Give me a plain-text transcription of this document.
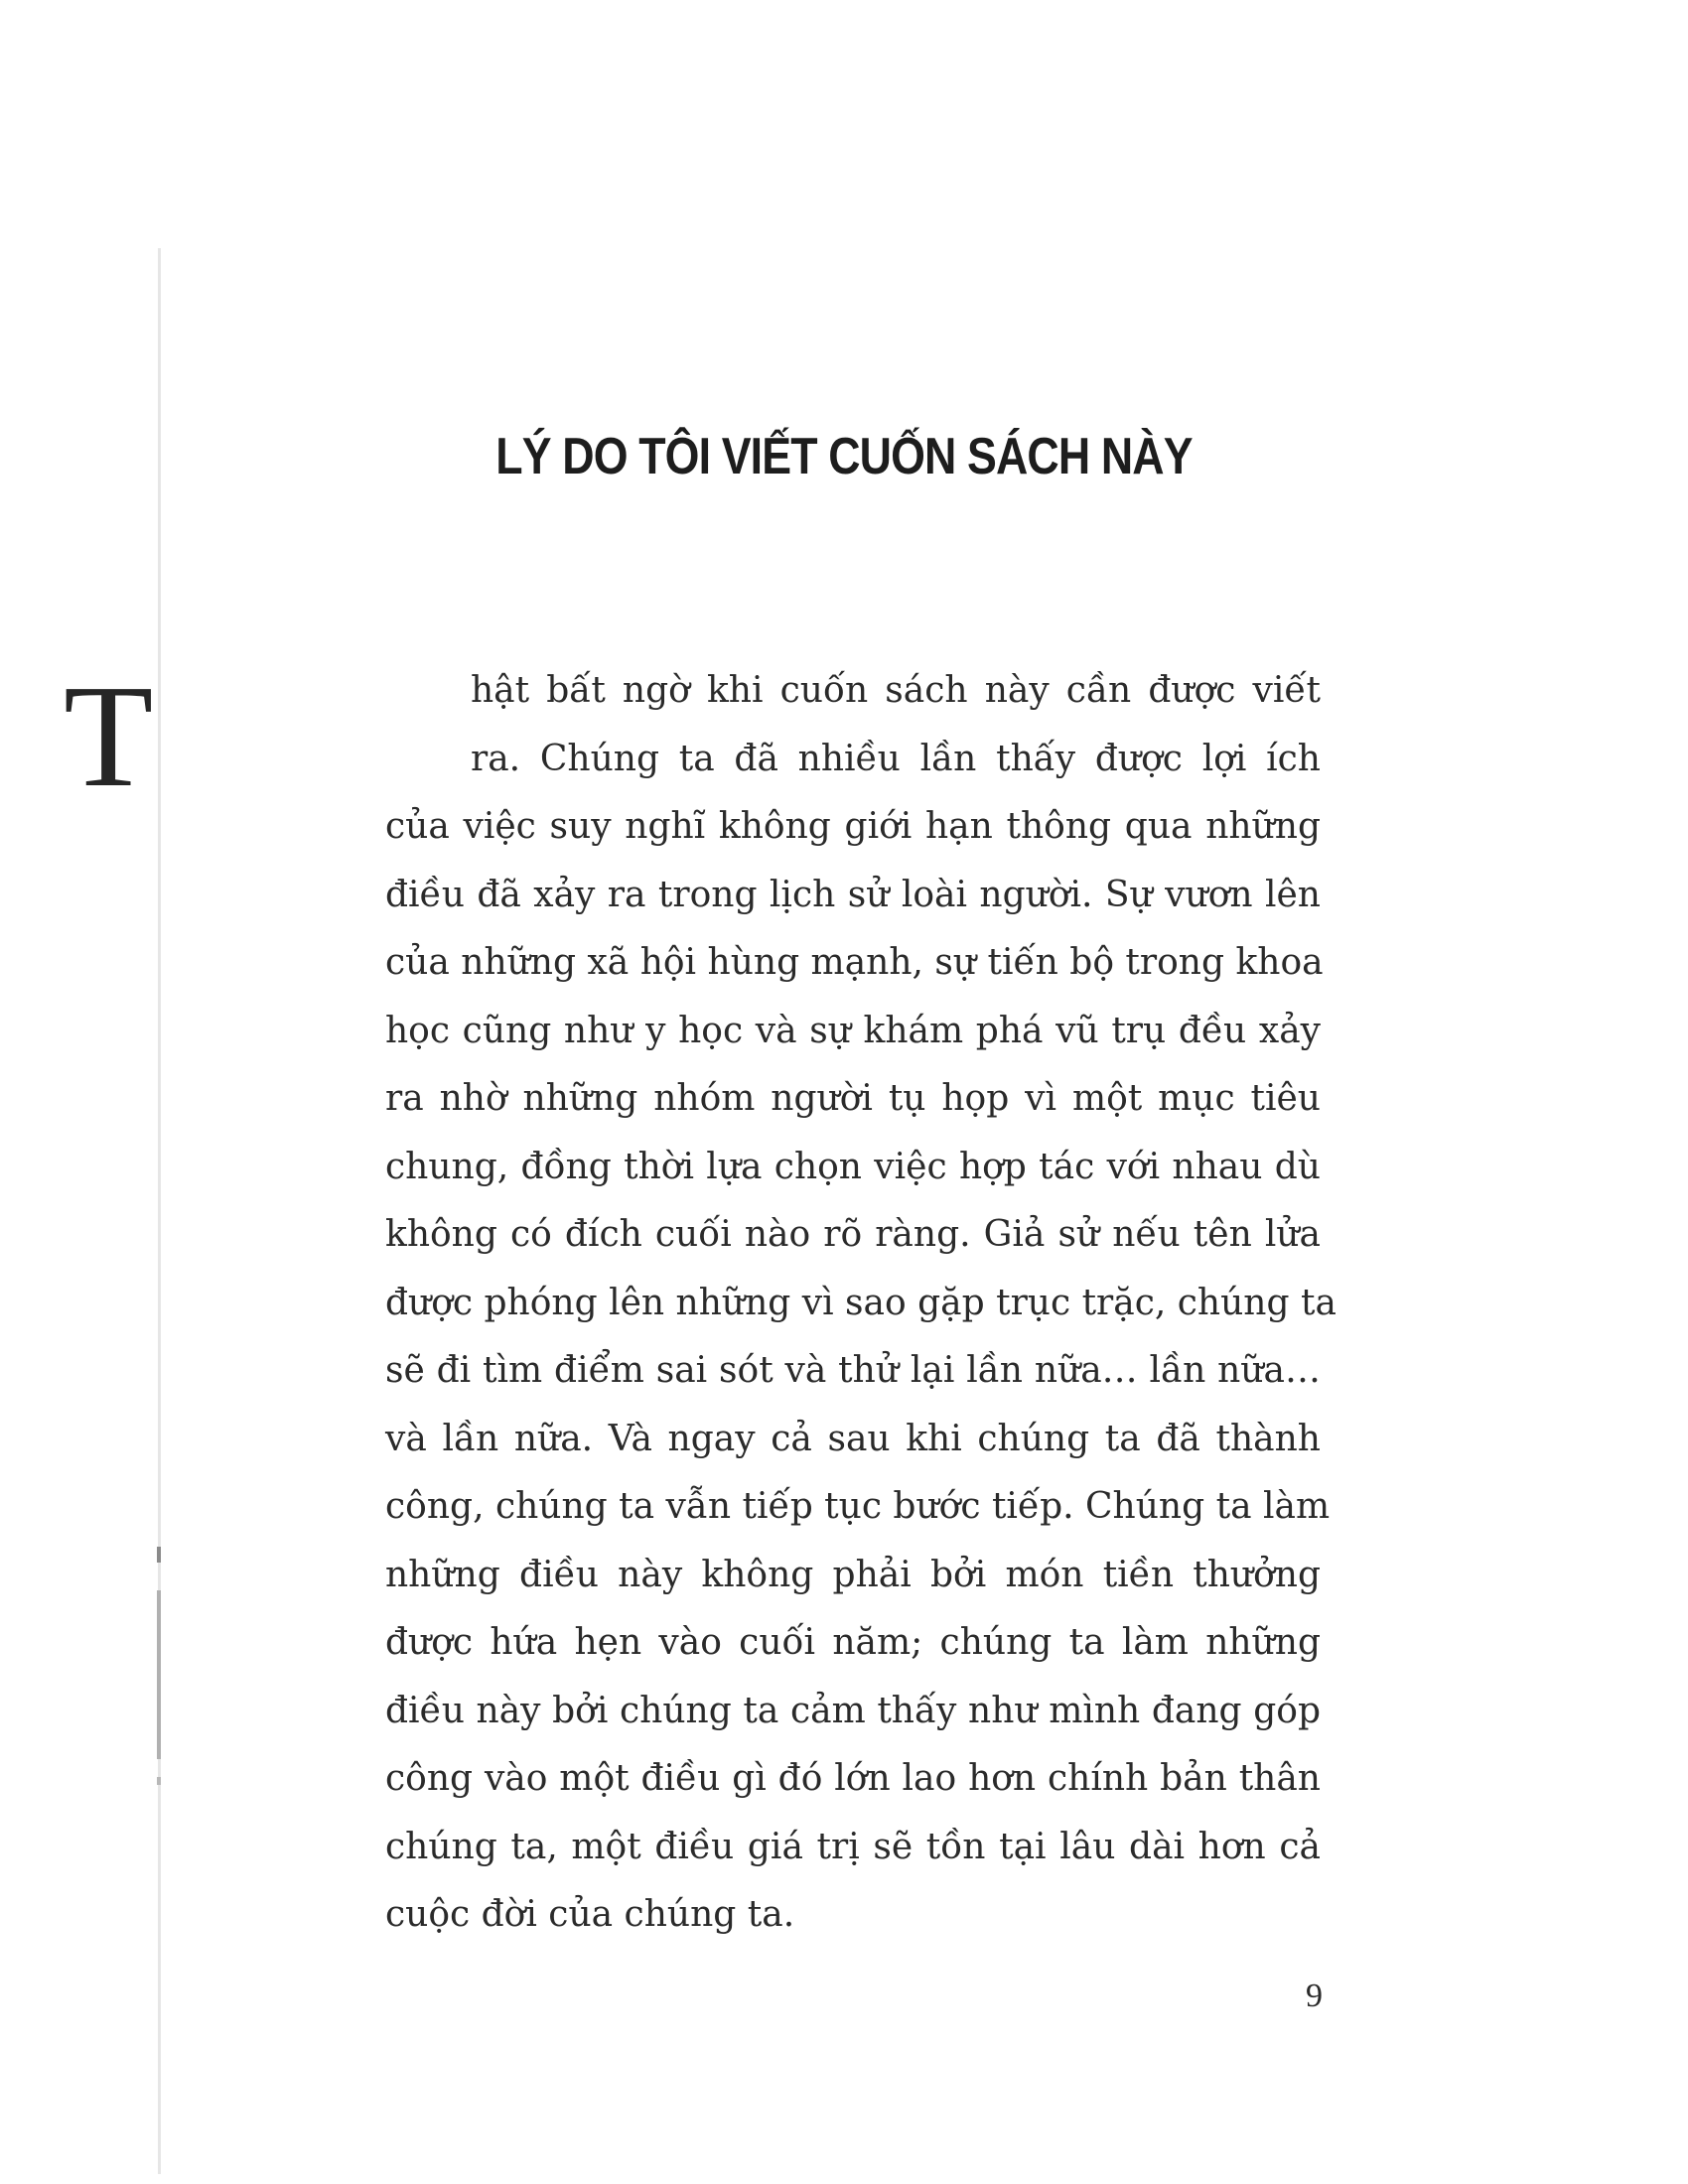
LÝ DO TÔI VIẾT CUỐN SÁCH NÀY
T	hật bất ngờ khi cuốn sách này cần được viết
ra. Chúng ta đã nhiều lần thấy được lợi ích
của việc suy nghĩ không giới hạn thông qua những
điều đã xảy ra trong lịch sử loài người. Sự vươn lên
của những xã hội hùng mạnh, sự tiến bộ trong khoa
học cũng như y học và sự khám phá vũ trụ đều xảy
ra nhờ những nhóm người tụ họp vì một mục tiêu
chung, đồng thời lựa chọn việc hợp tác với nhau dù
không có đích cuối nào rõ ràng. Giả sử nếu tên lửa
được phóng lên những vì sao gặp trục trặc, chúng ta
sẽ đi tìm điểm sai sót và thử lại lần nữa… lần nữa…
và lần nữa. Và ngay cả sau khi chúng ta đã thành
công, chúng ta vẫn tiếp tục bước tiếp. Chúng ta làm
những điều này không phải bởi món tiền thưởng
được hứa hẹn vào cuối năm; chúng ta làm những
điều này bởi chúng ta cảm thấy như mình đang góp
công vào một điều gì đó lớn lao hơn chính bản thân
chúng ta, một điều giá trị sẽ tồn tại lâu dài hơn cả
cuộc đời của chúng ta.
9
